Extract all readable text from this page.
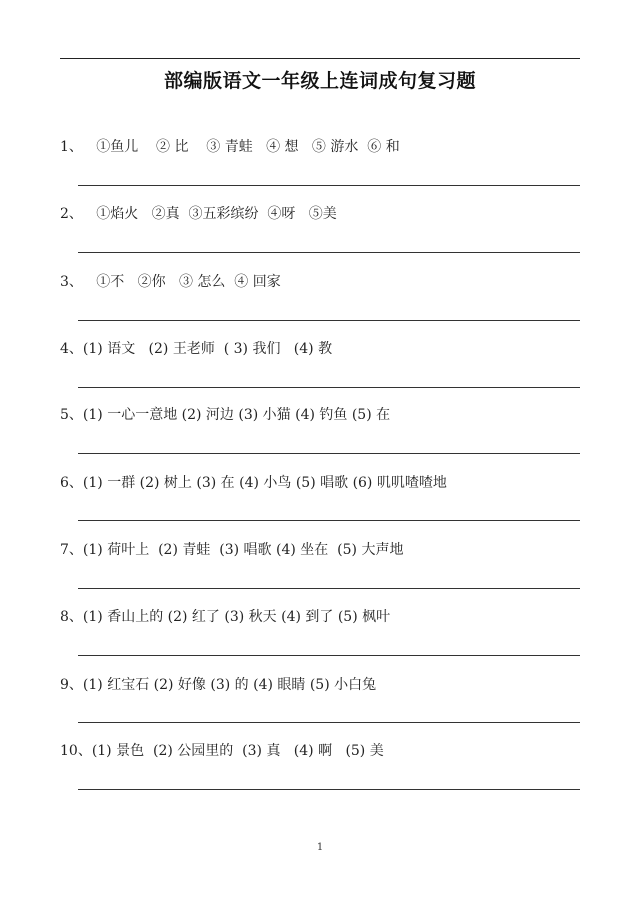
部编版语文一年级上连词成句复习题
1、   ①鱼儿    ② 比    ③ 青蛙   ④ 想   ⑤ 游水  ⑥ 和
2、   ①焰火   ②真  ③五彩缤纷  ④呀   ⑤美
3、   ①不   ②你   ③ 怎么  ④ 回家
4、(1) 语文   (2) 王老师  ( 3) 我们   (4) 教
5、(1) 一心一意地 (2) 河边 (3) 小猫 (4) 钓鱼 (5) 在
6、(1) 一群 (2) 树上 (3) 在 (4) 小鸟 (5) 唱歌 (6) 叽叽喳喳地
7、(1) 荷叶上  (2) 青蛙  (3) 唱歌 (4) 坐在  (5) 大声地
8、(1) 香山上的 (2) 红了 (3) 秋天 (4) 到了 (5) 枫叶
9、(1) 红宝石 (2) 好像 (3) 的 (4) 眼睛 (5) 小白兔
10、(1) 景色  (2) 公园里的  (3) 真   (4) 啊   (5) 美
1
